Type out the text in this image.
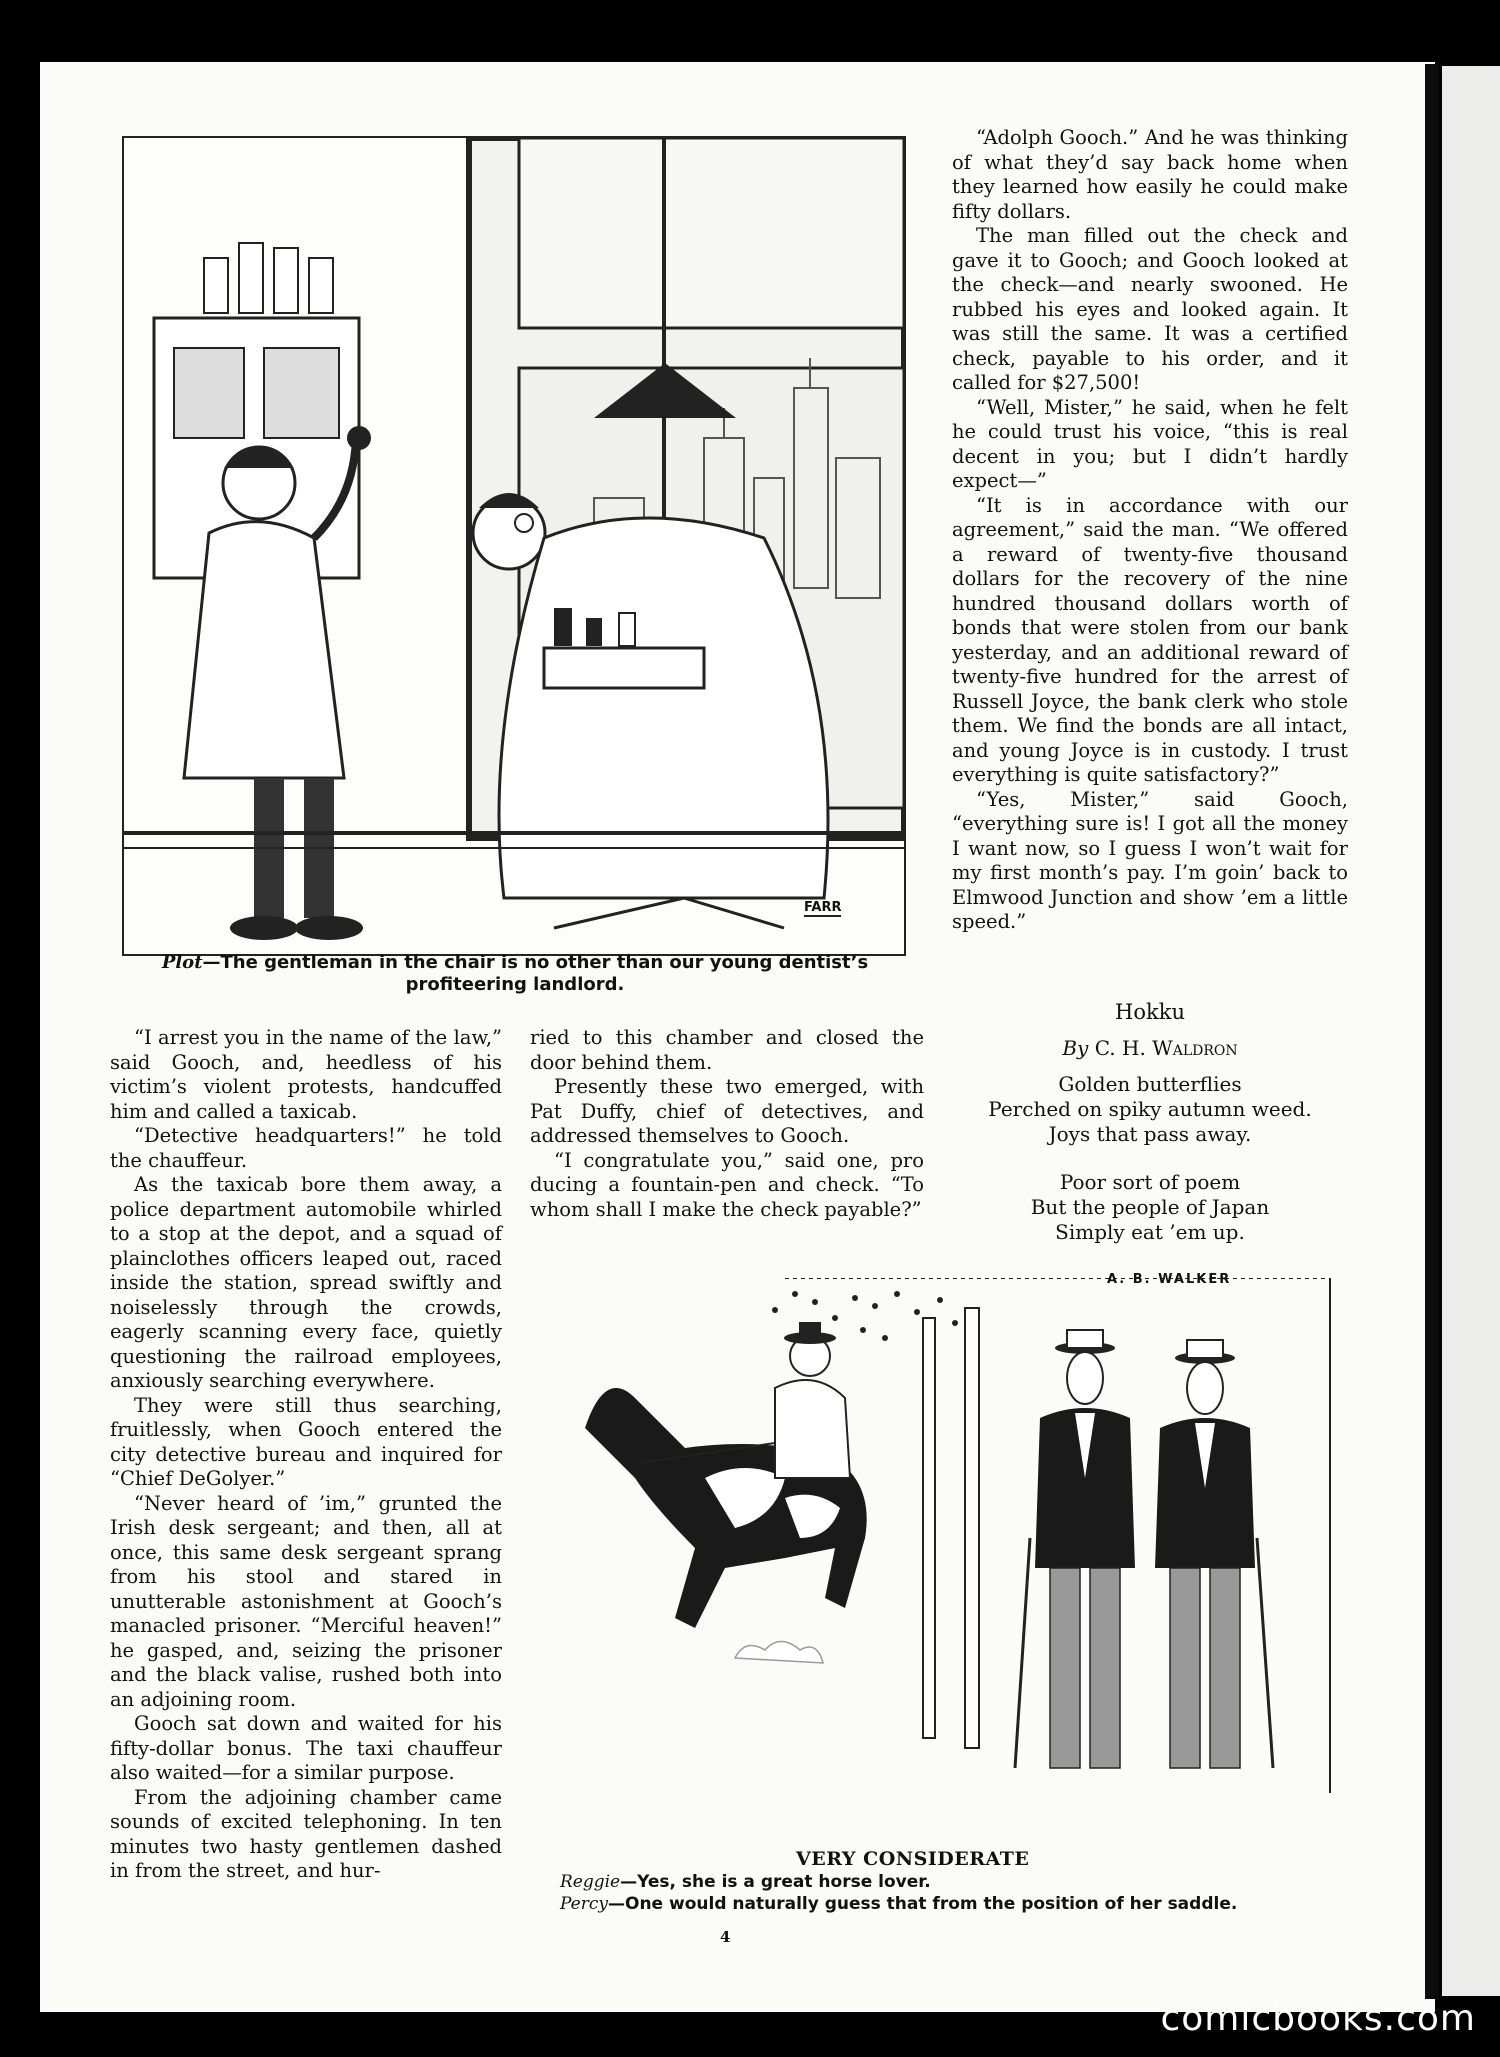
FARR
Plot—The gentleman in the chair is no other than our young dentist’s profiteering landlord.

“Adolph Gooch.” And he was thinking of what they’d say back home when they learned how easily he could make fifty dollars.

The man filled out the check and gave it to Gooch; and Gooch looked at the check—and nearly swooned. He rubbed his eyes and looked again. It was still the same. It was a certified check, payable to his order, and it called for $27,500!

“Well, Mister,” he said, when he felt he could trust his voice, “this is real decent in you; but I didn’t hardly expect—”

“It is in accordance with our agreement,” said the man. “We offered a reward of twenty-five thousand dollars for the recovery of the nine hundred thousand dollars worth of bonds that were stolen from our bank yesterday, and an additional reward of twenty-five hundred for the arrest of Russell Joyce, the bank clerk who stole them. We find the bonds are all intact, and young Joyce is in custody. I trust everything is quite satisfactory?”

“Yes, Mister,” said Gooch, “everything sure is! I got all the money I want now, so I guess I won’t wait for my first month’s pay. I’m goin’ back to Elmwood Junction and show ’em a little speed.”

“I arrest you in the name of the law,” said Gooch, and, heedless of his victim’s violent protests, handcuffed him and called a taxicab.

“Detective headquarters!” he told the chauffeur.

As the taxicab bore them away, a police department automobile whirled to a stop at the depot, and a squad of plainclothes officers leaped out, raced inside the station, spread swiftly and noiselessly through the crowds, eagerly scanning every face, quietly questioning the railroad employees, anxiously searching everywhere.

They were still thus searching, fruitlessly, when Gooch entered the city detective bureau and inquired for “Chief DeGolyer.”

“Never heard of ’im,” grunted the Irish desk sergeant; and then, all at once, this same desk sergeant sprang from his stool and stared in unutterable astonishment at Gooch’s manacled prisoner. “Merciful heaven!” he gasped, and, seizing the prisoner and the black valise, rushed both into an adjoining room.

Gooch sat down and waited for his fifty-dollar bonus. The taxi chauffeur also waited—for a similar purpose.

From the adjoining chamber came sounds of excited telephoning. In ten minutes two hasty gentlemen dashed in from the street, and hur-

ried to this chamber and closed the door behind them.

Presently these two emerged, with Pat Duffy, chief of detectives, and addressed themselves to Gooch.

“I congratulate you,” said one, pro ducing a fountain-pen and check. “To whom shall I make the check payable?”

Hokku
By C. H. Waldron

Golden butterflies

Perched on spiky autumn weed.

Joys that pass away.

Poor sort of poem

But the people of Japan

Simply eat ’em up.

A. B. WALKER
VERY CONSIDERATE
Reggie—Yes, she is a great horse lover.
Percy—One would naturally guess that from the position of her saddle.
4
comicbooks.com
